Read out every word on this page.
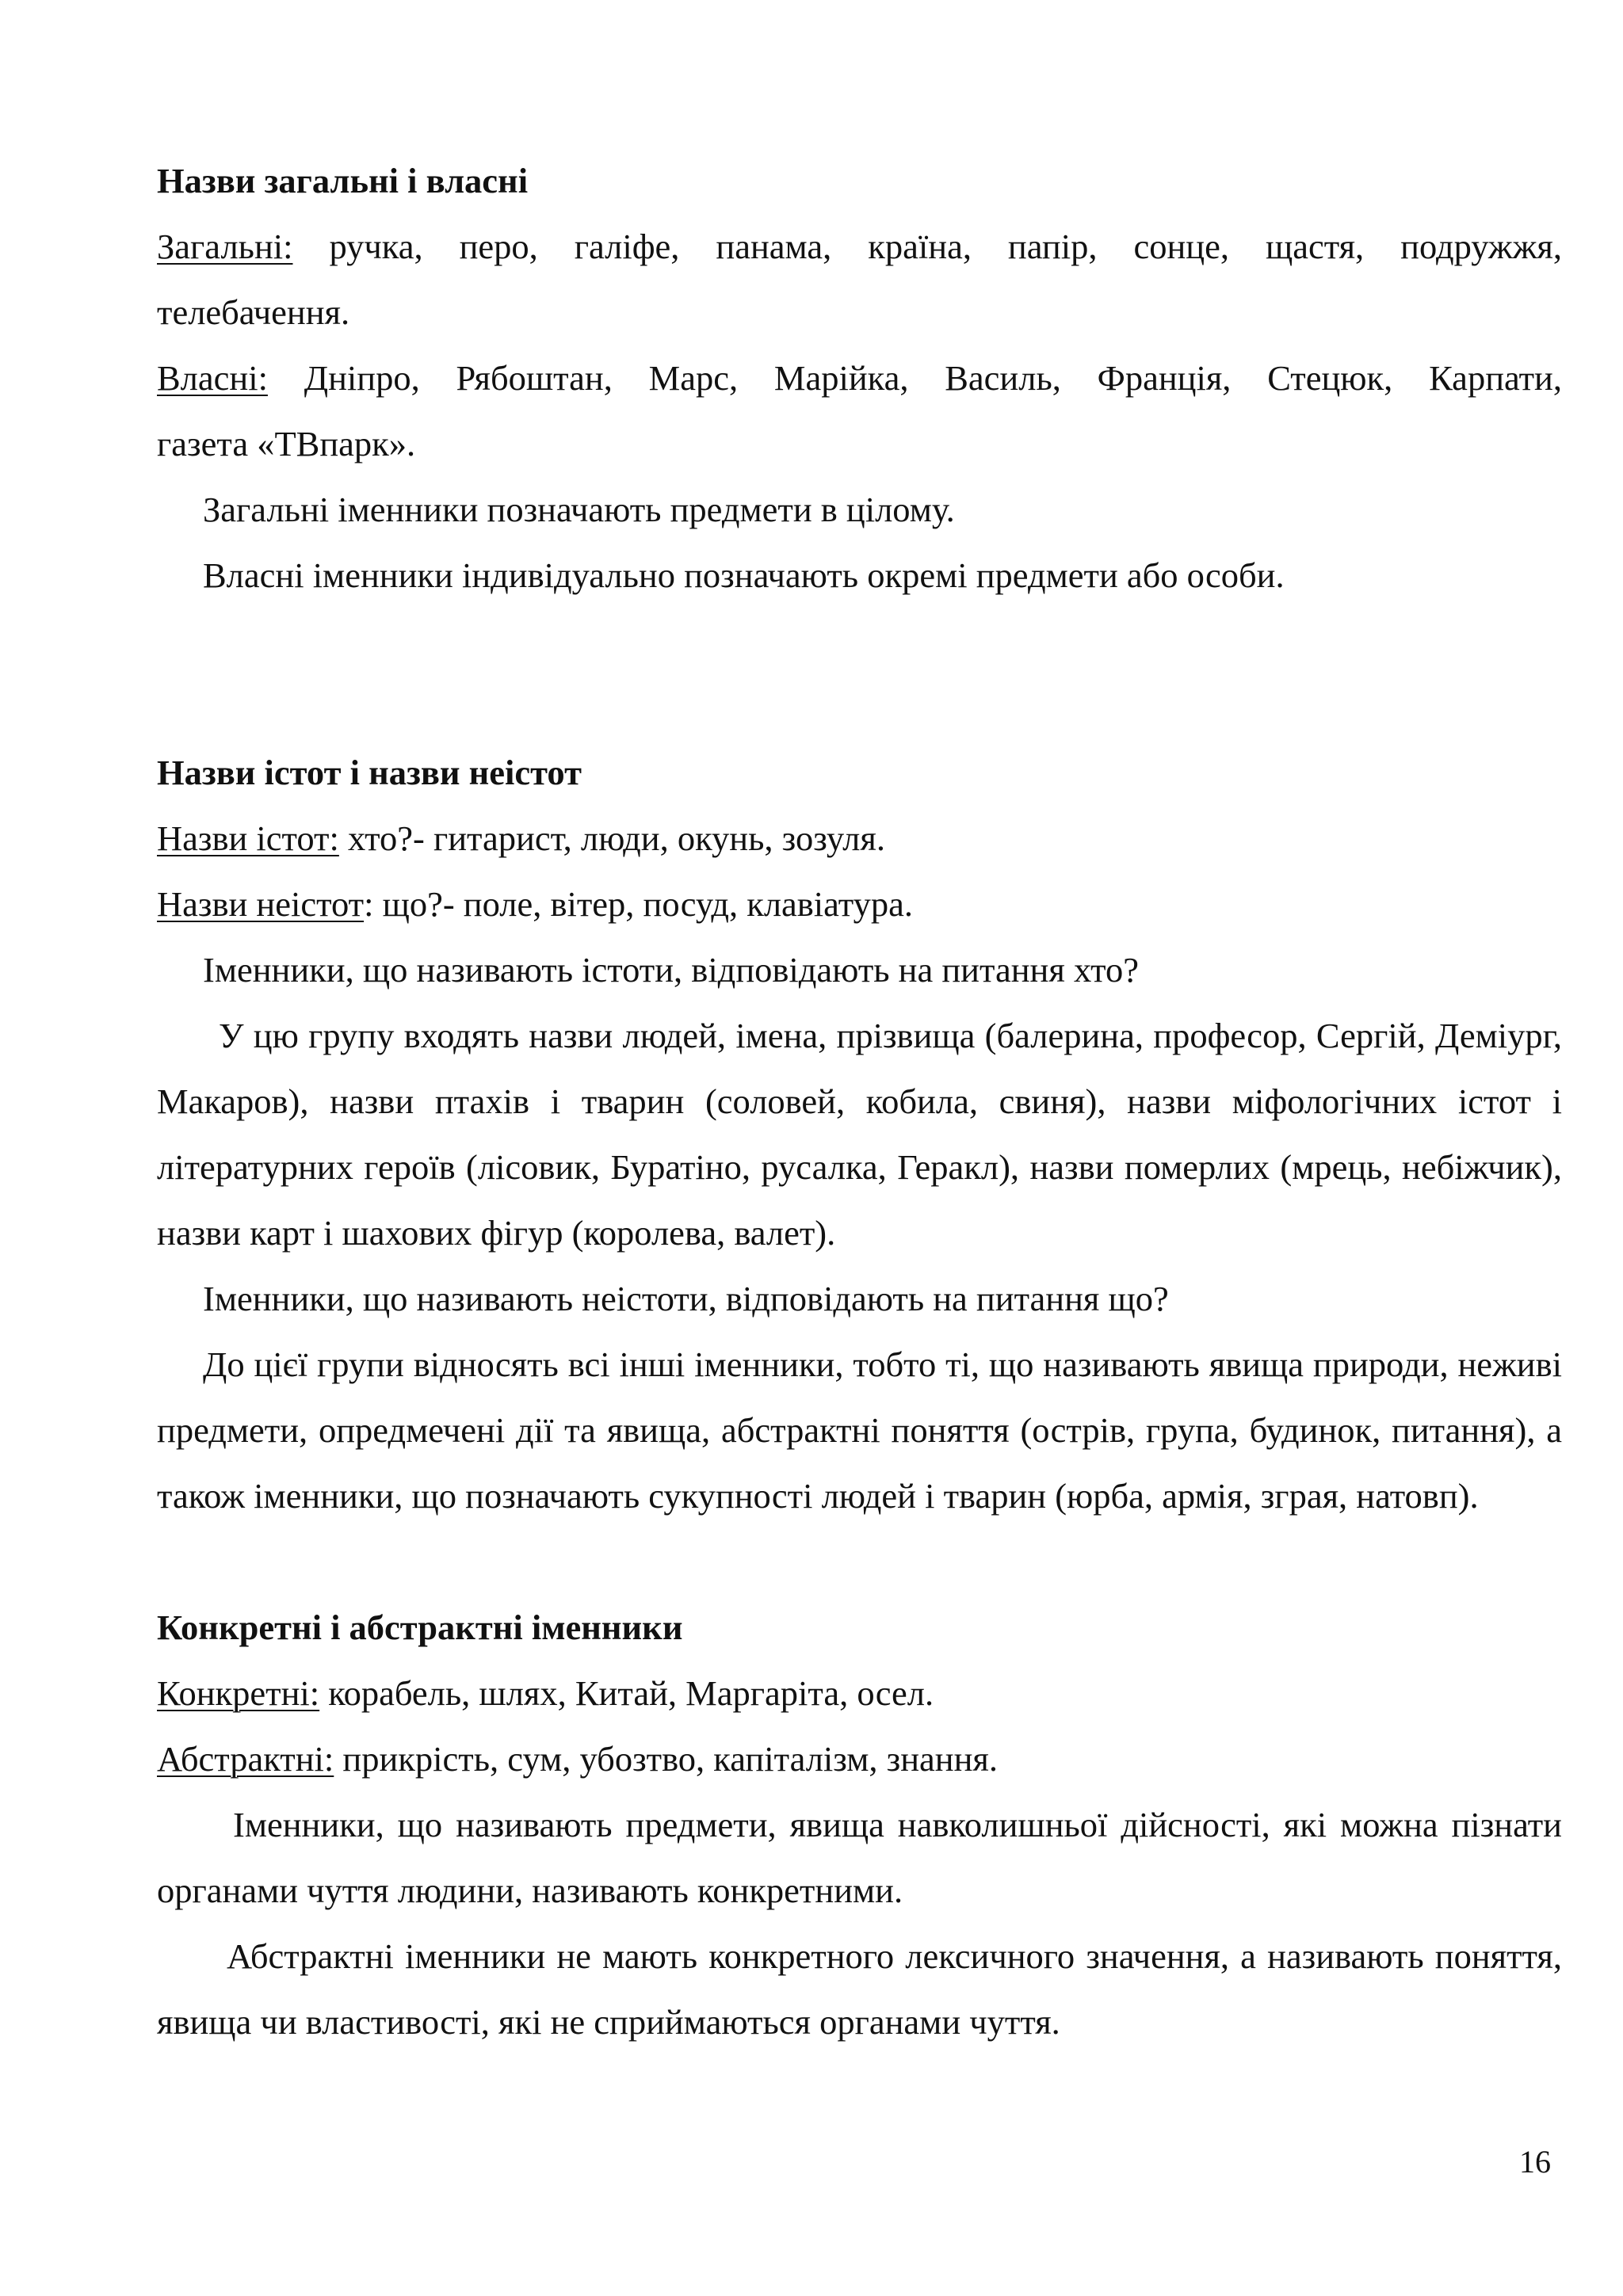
Назви загальні і власні

Загальні: ручка, перо, галіфе, панама, країна, папір, сонце, щастя, подружжя,

телебачення.

Власні: Дніпро, Рябоштан, Марс, Марійка, Василь, Франція, Стецюк, Карпати,

газета «ТВпарк».

Загальні іменники позначають предмети в цілому.

Власні іменники індивідуально позначають окремі предмети або особи.

Назви істот і назви неістот

Назви істот: хто?- гитарист, люди, окунь, зозуля.

Назви неістот: що?- поле, вітер, посуд, клавіатура.

Іменники, що називають істоти, відповідають на питання хто?

У цю групу входять назви людей, імена, прізвища (балерина, професор, Сергій, Деміург, Макаров), назви птахів і тварин (соловей, кобила, свиня), назви міфологічних істот і літературних героїв (лісовик, Буратіно, русалка, Геракл), назви померлих (мрець, небіжчик), назви карт і шахових фігур (королева, валет).

Іменники, що називають неістоти, відповідають на питання що?

До цієї групи відносять всі інші іменники, тобто ті, що називають явища природи, неживі предмети, опредмечені дії та явища, абстрактні поняття (острів, група, будинок, питання), а також іменники, що позначають сукупності людей і тварин (юрба, армія, зграя, натовп).

Конкретні і абстрактні іменники

Конкретні: корабель, шлях, Китай, Маргаріта, осел.

Абстрактні: прикрість, сум, убозтво, капіталізм, знання.

Іменники, що називають предмети, явища навколишньої дійсності, які можна пізнати органами чуття людини, називають конкретними.

Абстрактні іменники не мають конкретного лексичного значення, а називають поняття, явища чи властивості, які не сприймаються органами чуття.

16
